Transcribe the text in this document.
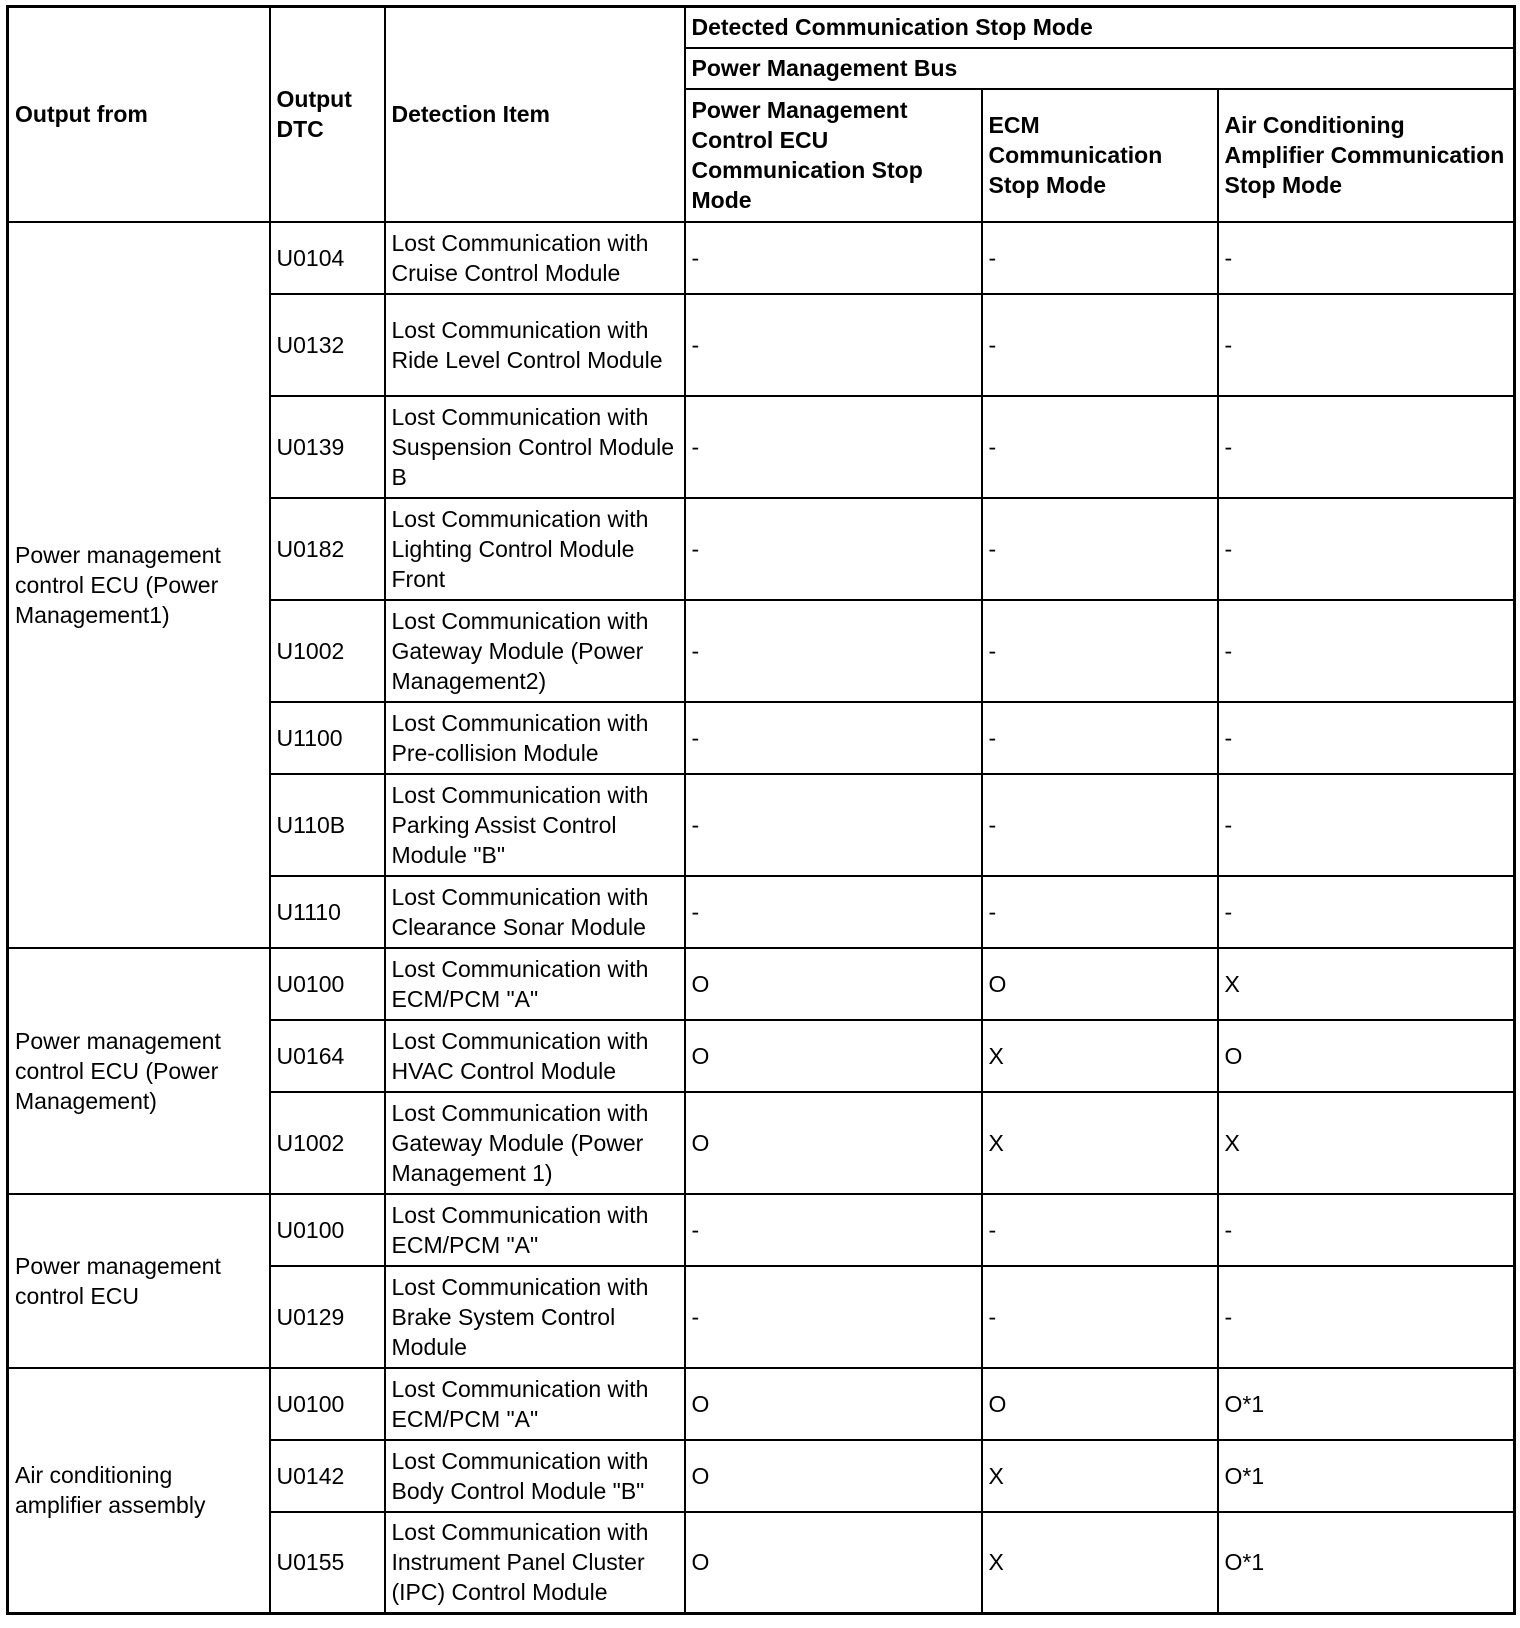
Output from	Output DTC	Detection Item	Detected Communication Stop Mode		
			Power Management Bus		
			Power Management Control ECU Communication Stop Mode	ECM Communication Stop Mode	Air Conditioning Amplifier Communication Stop Mode
Power management control ECU (Power Management1)	U0104	Lost Communication with Cruise Control Module	-	-	-
	U0132	Lost Communication with Ride Level Control Module	-	-	-
	U0139	Lost Communication with Suspension Control Module B	-	-	-
	U0182	Lost Communication with Lighting Control Module Front	-	-	-
	U1002	Lost Communication with Gateway Module (Power Management2)	-	-	-
	U1100	Lost Communication with Pre-collision Module	-	-	-
	U110B	Lost Communication with Parking Assist Control Module "B"	-	-	-
	U1110	Lost Communication with Clearance Sonar Module	-	-	-
Power management control ECU (Power Management)	U0100	Lost Communication with ECM/PCM "A"	O	O	X
	U0164	Lost Communication with HVAC Control Module	O	X	O
	U1002	Lost Communication with Gateway Module (Power Management 1)	O	X	X
Power management control ECU	U0100	Lost Communication with ECM/PCM "A"	-	-	-
	U0129	Lost Communication with Brake System Control Module	-	-	-
Air conditioning amplifier assembly	U0100	Lost Communication with ECM/PCM "A"	O	O	O*1
	U0142	Lost Communication with Body Control Module "B"	O	X	O*1
	U0155	Lost Communication with Instrument Panel Cluster (IPC) Control Module	O	X	O*1
